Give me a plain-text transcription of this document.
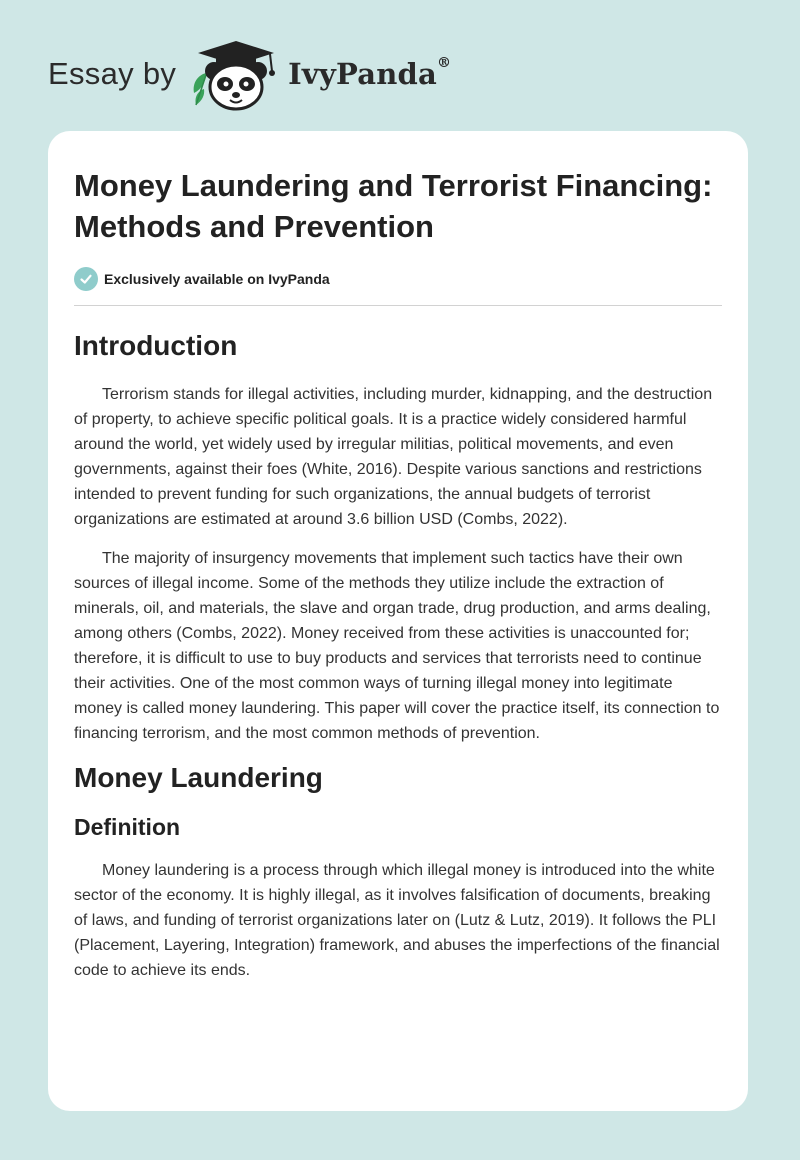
Essay by	IvyPanda®
Money Laundering and Terrorist Financing: Methods and Prevention
Exclusively available on IvyPanda
Introduction

Terrorism stands for illegal activities, including murder, kidnapping, and the destruction of property, to achieve specific political goals. It is a practice widely considered harmful around the world, yet widely used by irregular militias, political movements, and even governments, against their foes (White, 2016). Despite various sanctions and restrictions intended to prevent funding for such organizations, the annual budgets of terrorist organizations are estimated at around 3.6 billion USD (Combs, 2022).

The majority of insurgency movements that implement such tactics have their own sources of illegal income. Some of the methods they utilize include the extraction of minerals, oil, and materials, the slave and organ trade, drug production, and arms dealing, among others (Combs, 2022). Money received from these activities is unaccounted for; therefore, it is difficult to use to buy products and services that terrorists need to continue their activities. One of the most common ways of turning illegal money into legitimate money is called money laundering. This paper will cover the practice itself, its connection to financing terrorism, and the most common methods of prevention.

Money Laundering
Definition

Money laundering is a process through which illegal money is introduced into the white sector of the economy. It is highly illegal, as it involves falsification of documents, breaking of laws, and funding of terrorist organizations later on (Lutz & Lutz, 2019). It follows the PLI (Placement, Layering, Integration) framework, and abuses the imperfections of the financial code to achieve its ends.
